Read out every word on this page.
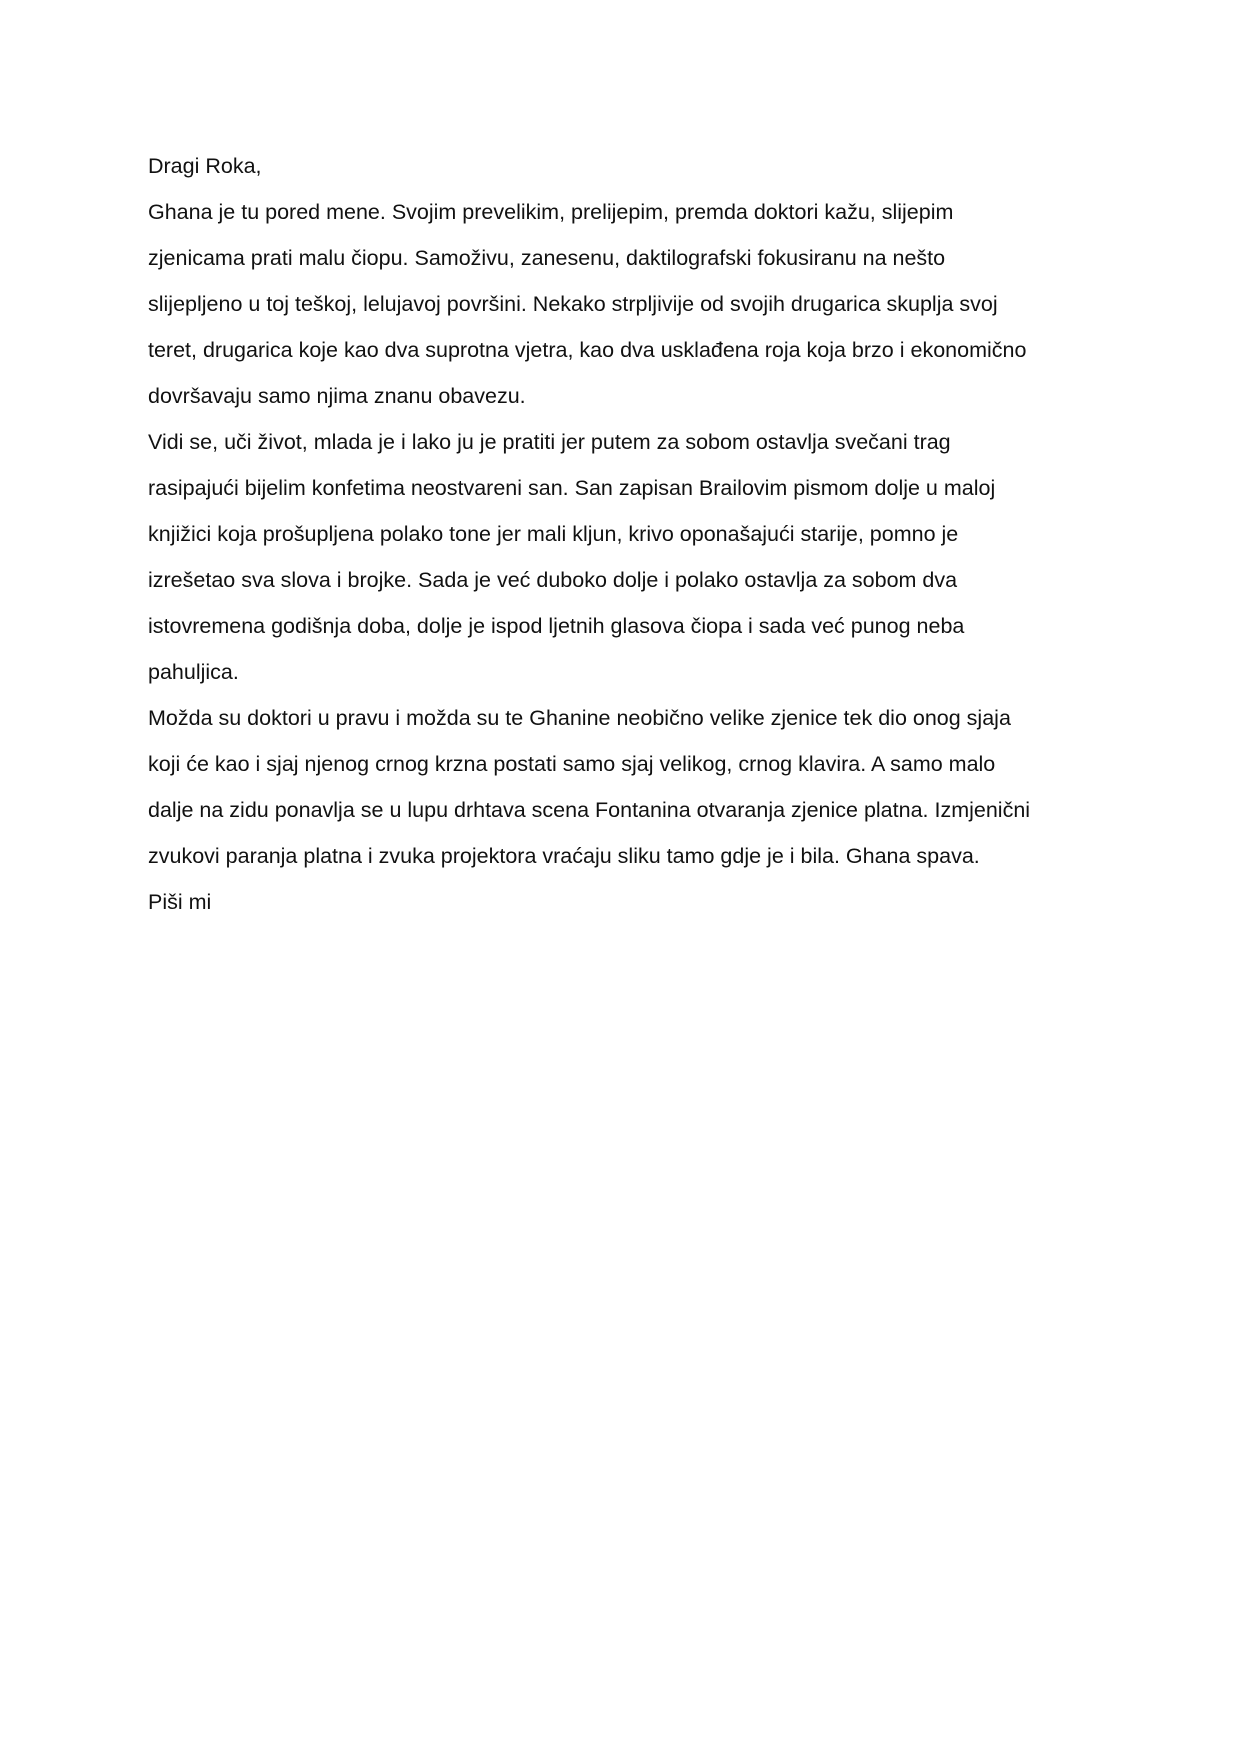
Dragi Roka,
Ghana je tu pored mene. Svojim prevelikim, prelijepim, premda doktori kažu, slijepim
zjenicama prati malu čiopu. Samoživu, zanesenu, daktilografski fokusiranu na nešto
slijepljeno u toj teškoj, lelujavoj površini. Nekako strpljivije od svojih drugarica skuplja svoj
teret, drugarica koje kao dva suprotna vjetra, kao dva usklađena roja koja brzo i ekonomično
dovršavaju samo njima znanu obavezu.
Vidi se, uči život, mlada je i lako ju je pratiti jer putem za sobom ostavlja svečani trag
rasipajući bijelim konfetima neostvareni san. San zapisan Brailovim pismom dolje u maloj
knjižici koja prošupljena polako tone jer mali kljun, krivo oponašajući starije, pomno je
izrešetao sva slova i brojke. Sada je već duboko dolje i polako ostavlja za sobom dva
istovremena godišnja doba, dolje je ispod ljetnih glasova čiopa i sada već punog neba
pahuljica.
Možda su doktori u pravu i možda su te Ghanine neobično velike zjenice tek dio onog sjaja
koji će kao i sjaj njenog crnog krzna postati samo sjaj velikog, crnog klavira. A samo malo
dalje na zidu ponavlja se u lupu drhtava scena Fontanina otvaranja zjenice platna. Izmjenični
zvukovi paranja platna i zvuka projektora vraćaju sliku tamo gdje je i bila. Ghana spava.
Piši mi
